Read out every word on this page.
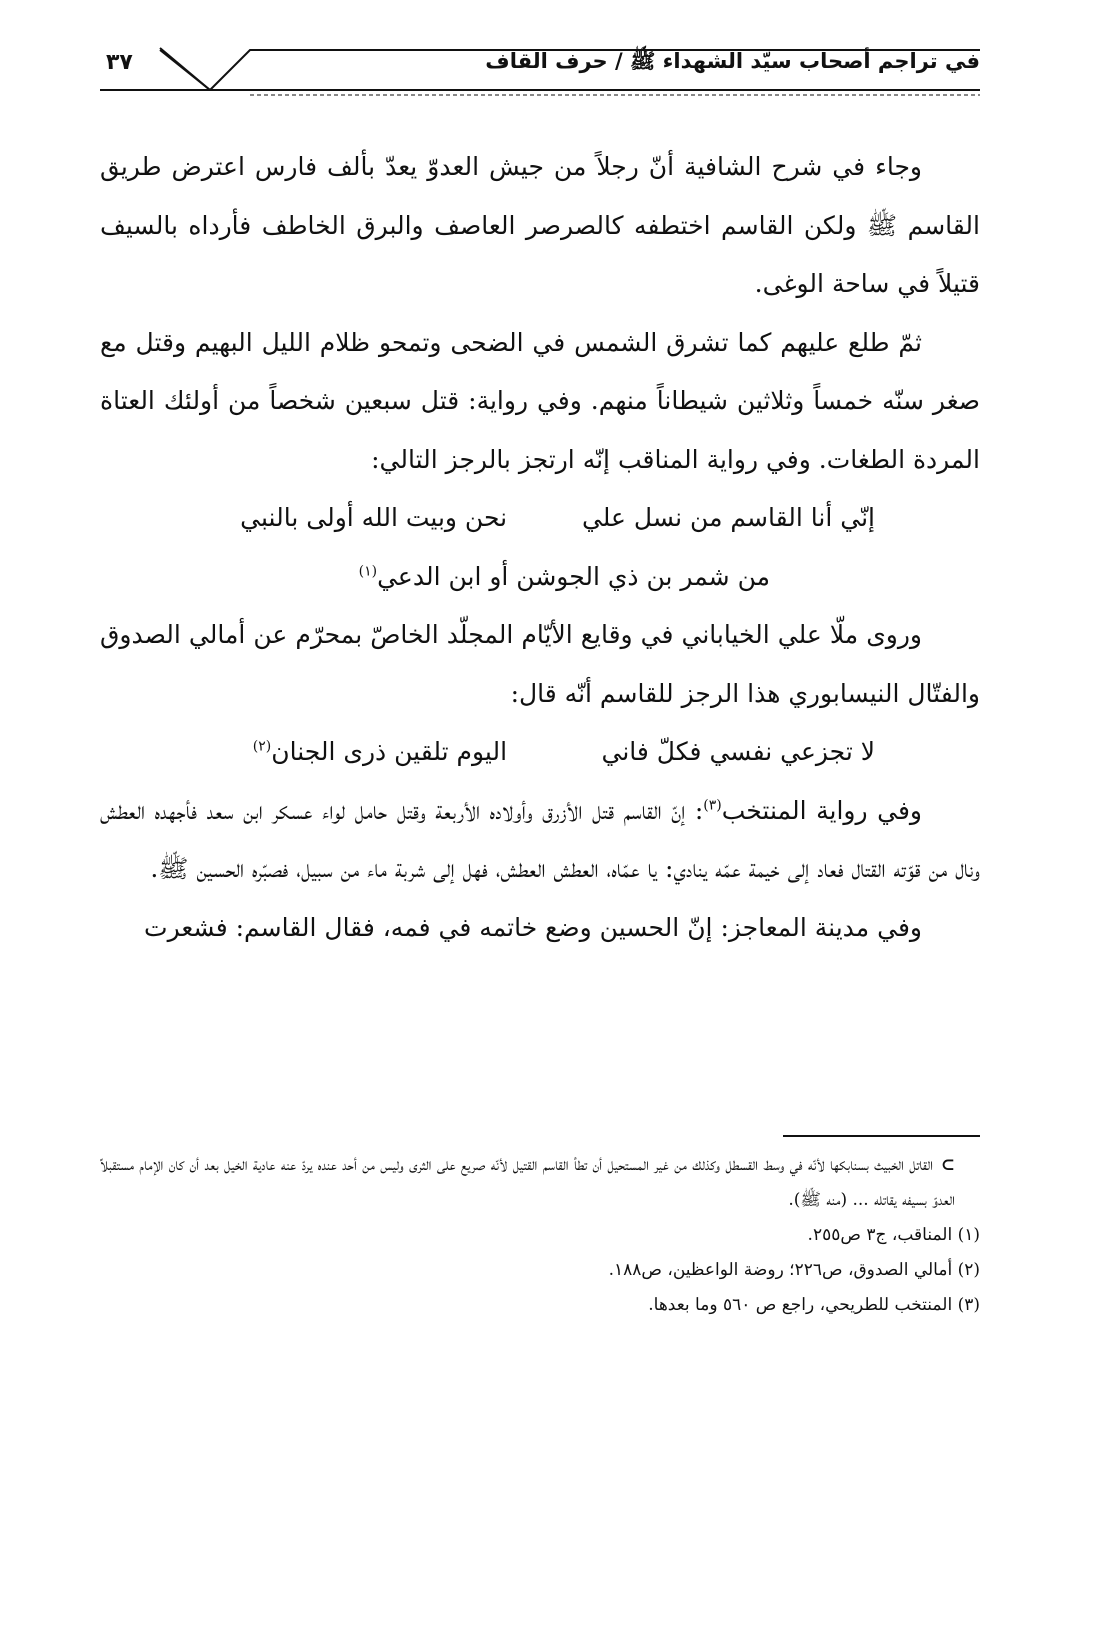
٣٧	في تراجم أصحاب سيّد الشهداء ﷺ / حرف القاف

وجاء في شرح الشافية أنّ رجلاً من جيش العدوّ يعدّ بألف فارس اعترض طريق القاسم ﷺ ولكن القاسم اختطفه كالصرصر العاصف والبرق الخاطف فأرداه بالسيف قتيلاً في ساحة الوغى.

ثمّ طلع عليهم كما تشرق الشمس في الضحى وتمحو ظلام الليل البهيم وقتل مع صغر سنّه خمساً وثلاثين شيطاناً منهم. وفي رواية: قتل سبعين شخصاً من أولئك العتاة المردة الطغات. وفي رواية المناقب إنّه ارتجز بالرجز التالي:

إنّي أنا القاسم من نسل علي نحن وبيت الله أولى بالنبي

من شمر بن ذي الجوشن أو ابن الدعي$^{(١)}$

وروى ملّا علي الخياباني في وقايع الأيّام المجلّد الخاصّ بمحرّم عن أمالي الصدوق والفتّال النيسابوري هذا الرجز للقاسم أنّه قال:

لا تجزعي نفسي فكلّ فاني اليوم تلقين ذرى الجنان$^{(٢)}$

وفي رواية المنتخب$^{(٣)}$: إنّ القاسم قتل الأزرق وأولاده الأربعة وقتل حامل لواء عسكر ابن سعد فأجهده العطش ونال من قوّته القتال فعاد إلى خيمة عمّه ينادي: يا عمّاه، العطش العطش، فهل إلى شربة ماء من سبيل، فصبّره الحسين ﷺ.

وفي مدينة المعاجز: إنّ الحسين وضع خاتمه في فمه، فقال القاسم: فشعرت

⊃القاتل الخبيث بسنابكها لأنّه في وسط القسطل وكذلك من غير المستحيل أن تطأ القاسم القتيل لأنّه صريع على الثرى وليس من أحد عنده يردّ عنه عادية الخيل بعد أن كان الإمام مستقبلاً العدوّ بسيفه يقاتله ... (منه ﷺ).

(١) المناقب، ج٣ ص٢٥٥.

(٢) أمالي الصدوق، ص٢٢٦؛ روضة الواعظين، ص١٨٨.

(٣) المنتخب للطريحي، راجع ص ٥٦٠ وما بعدها.
